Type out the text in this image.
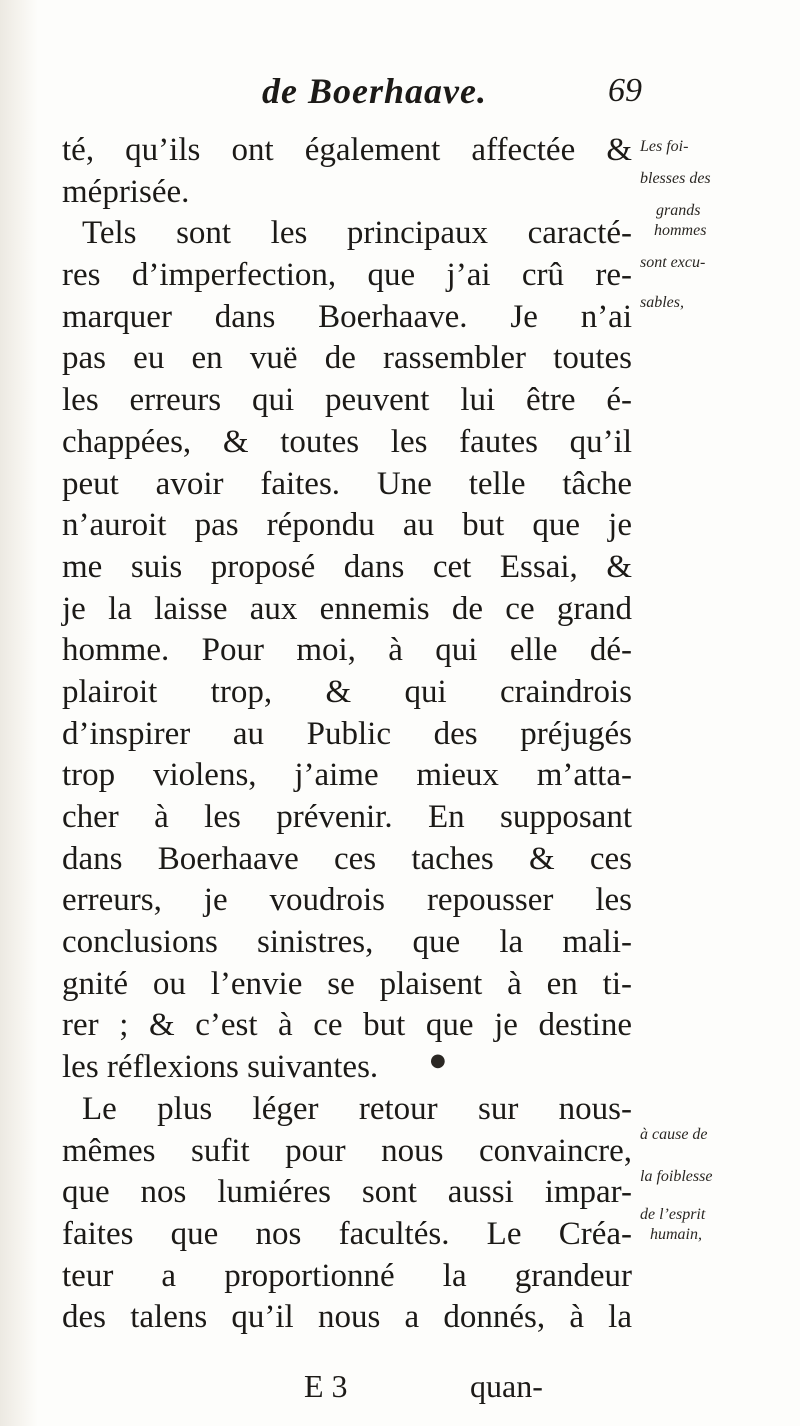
de Boerhaave.	69
té, qu’ils ont également affectée &
méprisée.
Tels sont les principaux caracté-
res d’imperfection, que j’ai crû re-
marquer dans Boerhaave. Je n’ai
pas eu en vuë de rassembler toutes
les erreurs qui peuvent lui être é-
chappées, & toutes les fautes qu’il
peut avoir faites. Une telle tâche
n’auroit pas répondu au but que je
me suis proposé dans cet Essai, &
je la laisse aux ennemis de ce grand
homme. Pour moi, à qui elle dé-
plairoit trop, & qui craindrois
d’inspirer au Public des préjugés
trop violens, j’aime mieux m’atta-
cher à les prévenir. En supposant
dans Boerhaave ces taches & ces
erreurs, je voudrois repousser les
conclusions sinistres, que la mali-
gnité ou l’envie se plaisent à en ti-
rer ; & c’est à ce but que je destine
les réflexions suivantes.
Le plus léger retour sur nous-
mêmes sufit pour nous convaincre,
que nos lumiéres sont aussi impar-
faites que nos facultés. Le Créa-
teur a proportionné la grandeur
des talens qu’il nous a donnés, à la
●
Les foi-
blesses des
grands
hommes
sont excu-
sables,
à cause de
la foiblesse
de l’esprit
humain,
E 3	quan-
